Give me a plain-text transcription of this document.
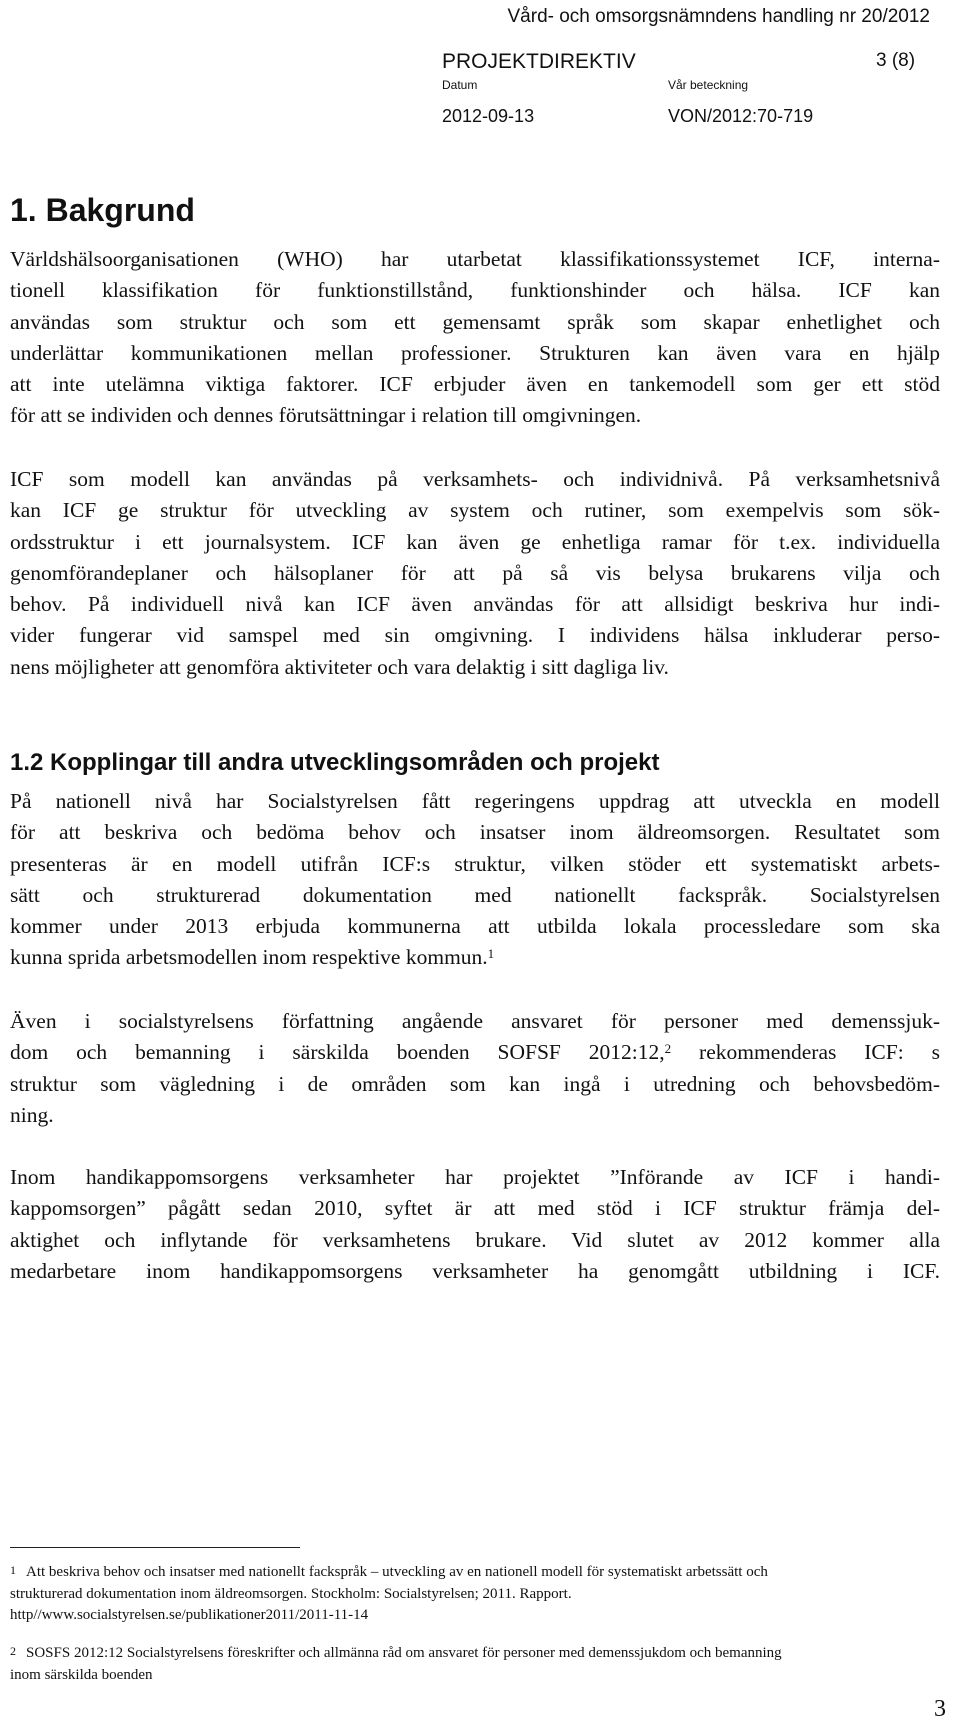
Vård- och omsorgsnämndens handling nr 20/2012
PROJEKTDIREKTIV	3 (8)
Datum	Vår beteckning
2012-09-13	VON/2012:70-719
1. Bakgrund
Världshälsoorganisationen (WHO) har utarbetat klassifikationssystemet ICF, interna-
tionell klassifikation för funktionstillstånd, funktionshinder och hälsa. ICF kan
användas som struktur och som ett gemensamt språk som skapar enhetlighet och
underlättar kommunikationen mellan professioner. Strukturen kan även vara en hjälp
att inte utelämna viktiga faktorer. ICF erbjuder även en tankemodell som ger ett stöd
för att se individen och dennes förutsättningar i relation till omgivningen.
ICF som modell kan användas på verksamhets- och individnivå. På verksamhetsnivå
kan ICF ge struktur för utveckling av system och rutiner, som exempelvis som sök-
ordsstruktur i ett journalsystem. ICF kan även ge enhetliga ramar för t.ex. individuella
genomförandeplaner och hälsoplaner för att på så vis belysa brukarens vilja och
behov. På individuell nivå kan ICF även användas för att allsidigt beskriva hur indi-
vider fungerar vid samspel med sin omgivning. I individens hälsa inkluderar perso-
nens möjligheter att genomföra aktiviteter och vara delaktig i sitt dagliga liv.
1.2 Kopplingar till andra utvecklingsområden och projekt
På nationell nivå har Socialstyrelsen fått regeringens uppdrag att utveckla en modell
för att beskriva och bedöma behov och insatser inom äldreomsorgen. Resultatet som
presenteras är en modell utifrån ICF:s struktur, vilken stöder ett systematiskt arbets-
sätt och strukturerad dokumentation med nationellt fackspråk. Socialstyrelsen
kommer under 2013 erbjuda kommunerna att utbilda lokala processledare som ska
kunna sprida arbetsmodellen inom respektive kommun.$^1$
Även i socialstyrelsens författning angående ansvaret för personer med demenssjuk-
dom och bemanning i särskilda boenden SOFSF 2012:12,$^2$ rekommenderas ICF: s
struktur som vägledning i de områden som kan ingå i utredning och behovsbedöm-
ning.
Inom handikappomsorgens verksamheter har projektet ”Införande av ICF i handi-
kappomsorgen” pågått sedan 2010, syftet är att med stöd i ICF struktur främja del-
aktighet och inflytande för verksamhetens brukare. Vid slutet av 2012 kommer alla
medarbetare inom handikappomsorgens verksamheter ha genomgått utbildning i ICF.
$^1$ Att beskriva behov och insatser med nationellt fackspråk – utveckling av en nationell modell för systematiskt arbetssätt och
strukturerad dokumentation inom äldreomsorgen. Stockholm: Socialstyrelsen; 2011. Rapport.
http//www.socialstyrelsen.se/publikationer2011/2011-11-14
$^2$ SOSFS 2012:12 Socialstyrelsens föreskrifter och allmänna råd om ansvaret för personer med demenssjukdom och bemanning
inom särskilda boenden
3
